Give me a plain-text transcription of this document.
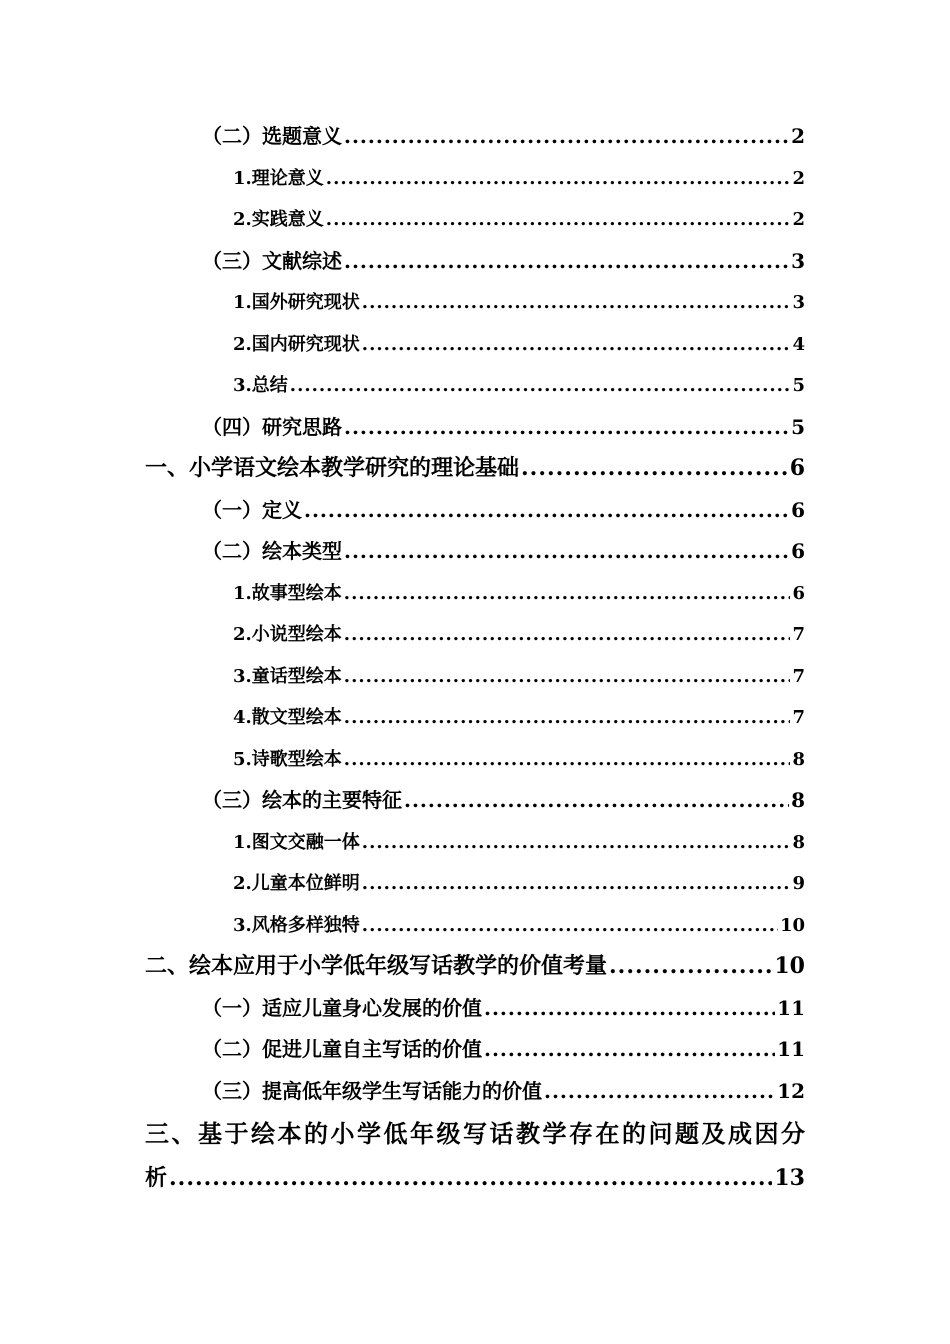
（二）选题意义 .....	2
1.理论意义 .....	2
2.实践意义 .....	2
（三）文献综述 .....	3
1.国外研究现状 .....	3
2.国内研究现状 .....	4
3.总结 .....	5
（四）研究思路 .....	5
一、小学语文绘本教学研究的理论基础 .....	6
（一）定义 .....	6
（二）绘本类型 .....	6
1.故事型绘本 .....	6
2.小说型绘本 .....	7
3.童话型绘本 .....	7
4.散文型绘本 .....	7
5.诗歌型绘本 .....	8
（三）绘本的主要特征 .....	8
1.图文交融一体 .....	8
2.儿童本位鲜明 .....	9
3.风格多样独特 .....	10
二、绘本应用于小学低年级写话教学的价值考量 .....	10
（一）适应儿童身心发展的价值 .....	11
（二）促进儿童自主写话的价值 .....	11
（三）提高低年级学生写话能力的价值 .....	12
三、基于绘本的小学低年级写话教学存在的问题及成因分
析 .....	13
